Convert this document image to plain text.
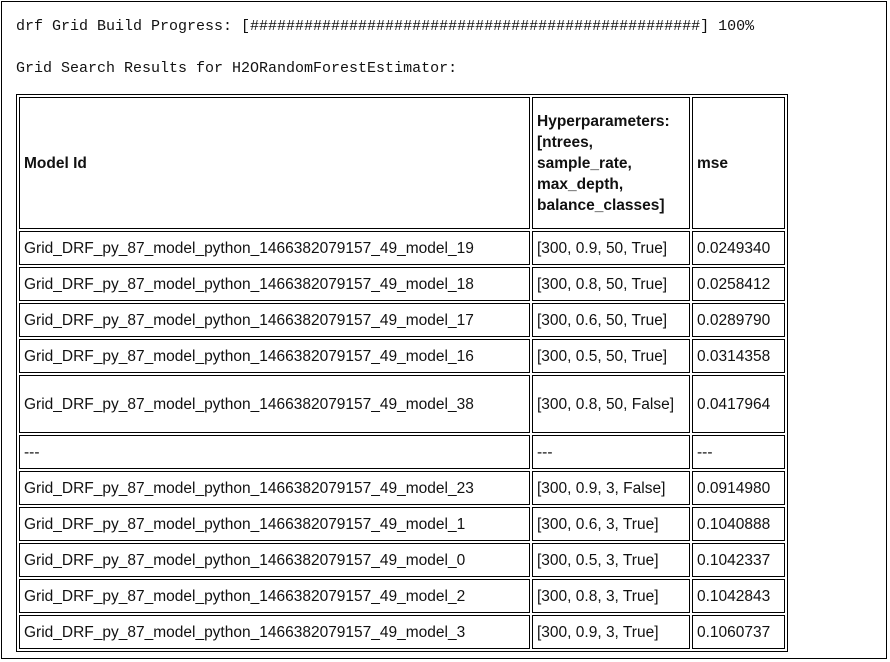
drf Grid Build Progress: [##################################################] 100%
Grid Search Results for H2ORandomForestEstimator:
Model Id	Hyperparameters: [ntrees, sample_rate, max_depth, balance_classes]	mse
Grid_DRF_py_87_model_python_1466382079157_49_model_19	[300, 0.9, 50, True]	0.0249340
Grid_DRF_py_87_model_python_1466382079157_49_model_18	[300, 0.8, 50, True]	0.0258412
Grid_DRF_py_87_model_python_1466382079157_49_model_17	[300, 0.6, 50, True]	0.0289790
Grid_DRF_py_87_model_python_1466382079157_49_model_16	[300, 0.5, 50, True]	0.0314358
Grid_DRF_py_87_model_python_1466382079157_49_model_38	[300, 0.8, 50, False]	0.0417964
---	---	---
Grid_DRF_py_87_model_python_1466382079157_49_model_23	[300, 0.9, 3, False]	0.0914980
Grid_DRF_py_87_model_python_1466382079157_49_model_1	[300, 0.6, 3, True]	0.1040888
Grid_DRF_py_87_model_python_1466382079157_49_model_0	[300, 0.5, 3, True]	0.1042337
Grid_DRF_py_87_model_python_1466382079157_49_model_2	[300, 0.8, 3, True]	0.1042843
Grid_DRF_py_87_model_python_1466382079157_49_model_3	[300, 0.9, 3, True]	0.1060737
